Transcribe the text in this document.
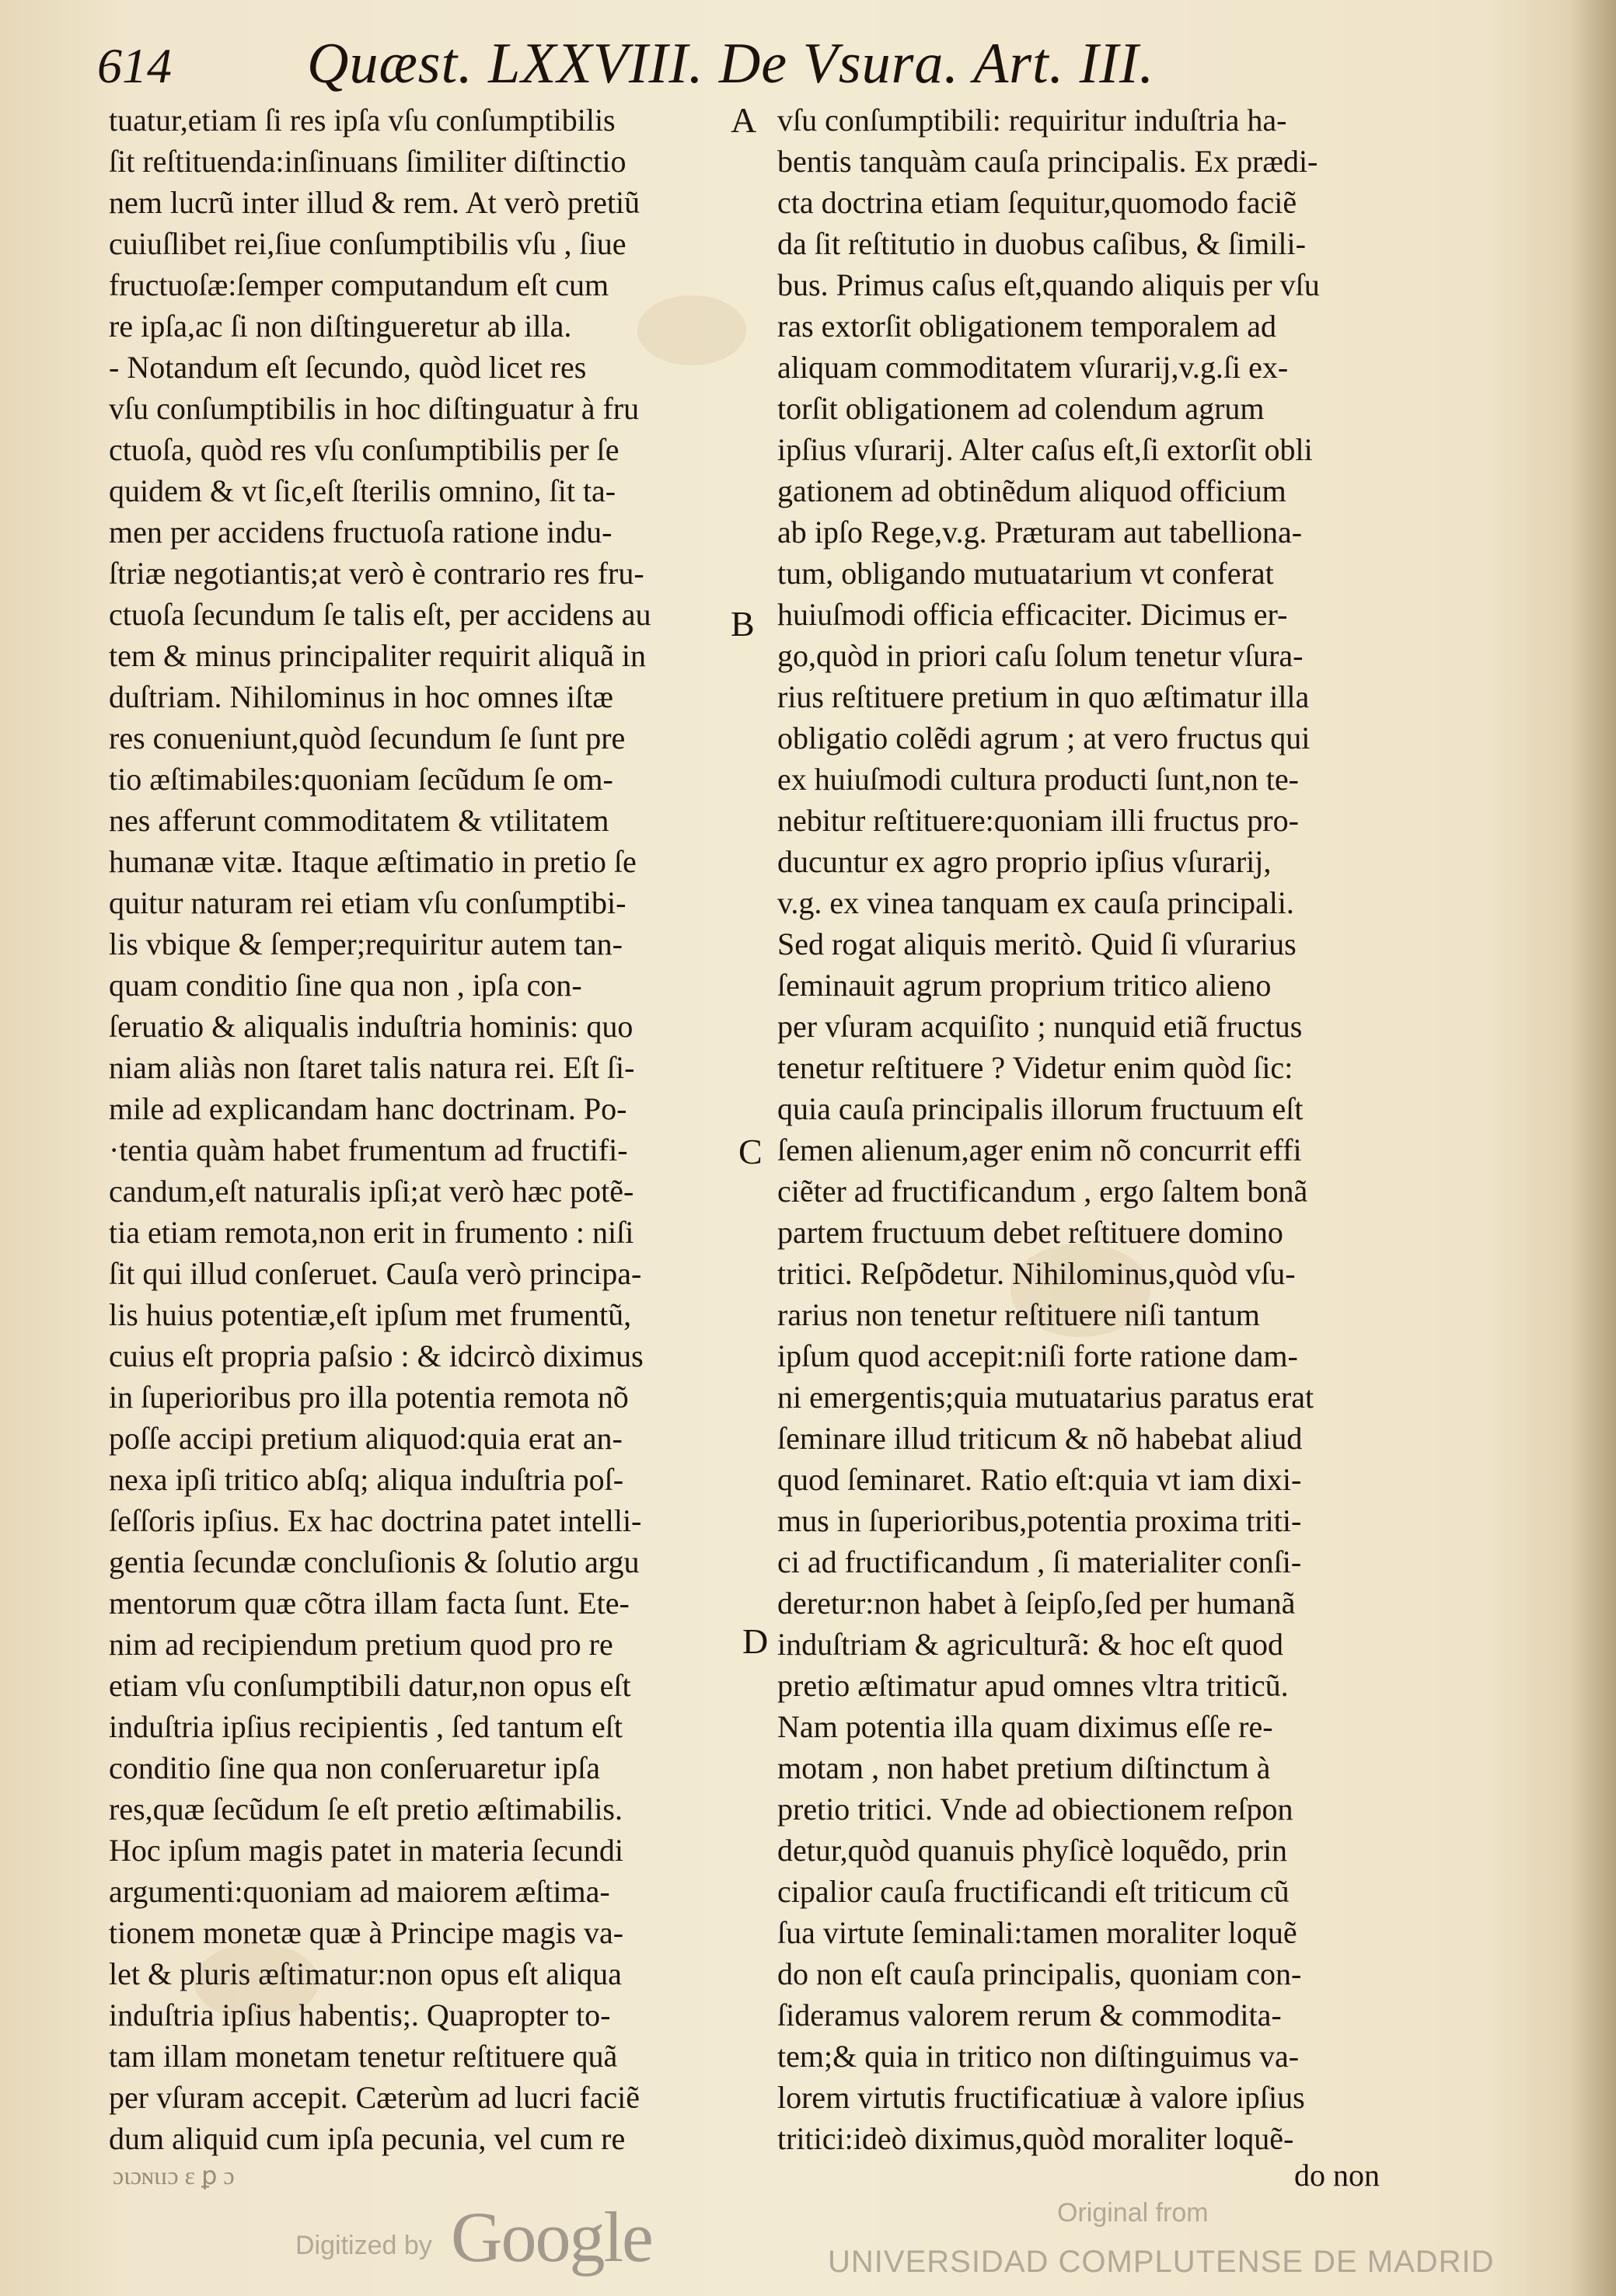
614	Quæst. LXXVIII. De Vsura. Art. III.
tuatur,etiam ſi res ipſa vſu conſumptibilis
ſit reſtituenda:inſinuans ſimiliter diſtinctio
nem lucrũ inter illud & rem. At verò pretiũ
cuiuſlibet rei,ſiue conſumptibilis vſu , ſiue
fructuoſæ:ſemper computandum eſt cum
re ipſa,ac ſi non diſtingueretur ab illa.
- Notandum eſt ſecundo, quòd licet res
vſu conſumptibilis in hoc diſtinguatur à fru
ctuoſa, quòd res vſu conſumptibilis per ſe
quidem & vt ſic,eſt ſterilis omnino, ſit ta-
men per accidens fructuoſa ratione indu-
ſtriæ negotiantis;at verò è contrario res fru-
ctuoſa ſecundum ſe talis eſt, per accidens au
tem & minus principaliter requirit aliquã in
duſtriam. Nihilominus in hoc omnes iſtæ
res conueniunt,quòd ſecundum ſe ſunt pre
tio æſtimabiles:quoniam ſecũdum ſe om-
nes afferunt commoditatem & vtilitatem
humanæ vitæ. Itaque æſtimatio in pretio ſe
quitur naturam rei etiam vſu conſumptibi-
lis vbique & ſemper;requiritur autem tan-
quam conditio ſine qua non , ipſa con-
ſeruatio & aliqualis induſtria hominis: quo
niam aliàs non ſtaret talis natura rei. Eſt ſi-
mile ad explicandam hanc doctrinam. Po-
·tentia quàm habet frumentum ad fructifi-
candum,eſt naturalis ipſi;at verò hæc potẽ-
tia etiam remota,non erit in frumento : niſi
ſit qui illud conſeruet. Cauſa verò principa-
lis huius potentiæ,eſt ipſum met frumentũ,
cuius eſt propria paſsio : & idcircò diximus
in ſuperioribus pro illa potentia remota nõ
poſſe accipi pretium aliquod:quia erat an-
nexa ipſi tritico abſq; aliqua induſtria poſ-
ſeſſoris ipſius. Ex hac doctrina patet intelli-
gentia ſecundæ concluſionis & ſolutio argu
mentorum quæ cõtra illam facta ſunt. Ete-
nim ad recipiendum pretium quod pro re
etiam vſu conſumptibili datur,non opus eſt
induſtria ipſius recipientis , ſed tantum eſt
conditio ſine qua non conſeruaretur ipſa
res,quæ ſecũdum ſe eſt pretio æſtimabilis.
Hoc ipſum magis patet in materia ſecundi
argumenti:quoniam ad maiorem æſtima-
tionem monetæ quæ à Principe magis va-
let & pluris æſtimatur:non opus eſt aliqua
induſtria ipſius habentis;. Quapropter to-
tam illam monetam tenetur reſtituere quã
per vſuram accepit. Cæterùm ad lucri faciẽ
dum aliquid cum ipſa pecunia, vel cum re
vſu conſumptibili: requiritur induſtria ha-
bentis tanquàm cauſa principalis. Ex prædi-
cta doctrina etiam ſequitur,quomodo faciẽ
da ſit reſtitutio in duobus caſibus, & ſimili-
bus. Primus caſus eſt,quando aliquis per vſu
ras extorſit obligationem temporalem ad
aliquam commoditatem vſurarij,v.g.ſi ex-
torſit obligationem ad colendum agrum
ipſius vſurarij. Alter caſus eſt,ſi extorſit obli
gationem ad obtinẽdum aliquod officium
ab ipſo Rege,v.g. Præturam aut tabelliona-
tum, obligando mutuatarium vt conferat
huiuſmodi officia efficaciter. Dicimus er-
go,quòd in priori caſu ſolum tenetur vſura-
rius reſtituere pretium in quo æſtimatur illa
obligatio colẽdi agrum ; at vero fructus qui
ex huiuſmodi cultura producti ſunt,non te-
nebitur reſtituere:quoniam illi fructus pro-
ducuntur ex agro proprio ipſius vſurarij,
v.g. ex vinea tanquam ex cauſa principali.
Sed rogat aliquis meritò. Quid ſi vſurarius
ſeminauit agrum proprium tritico alieno
per vſuram acquiſito ; nunquid etiã fructus
tenetur reſtituere ? Videtur enim quòd ſic:
quia cauſa principalis illorum fructuum eſt
ſemen alienum,ager enim nõ concurrit effi
ciẽter ad fructificandum , ergo ſaltem bonã
partem fructuum debet reſtituere domino
tritici. Reſpõdetur. Nihilominus,quòd vſu-
rarius non tenetur reſtituere niſi tantum
ipſum quod accepit:niſi forte ratione dam-
ni emergentis;quia mutuatarius paratus erat
ſeminare illud triticum & nõ habebat aliud
quod ſeminaret. Ratio eſt:quia vt iam dixi-
mus in ſuperioribus,potentia proxima triti-
ci ad fructificandum , ſi materialiter conſi-
deretur:non habet à ſeipſo,ſed per humanã
induſtriam & agriculturã: & hoc eſt quod
pretio æſtimatur apud omnes vltra triticũ.
Nam potentia illa quam diximus eſſe re-
motam , non habet pretium diſtinctum à
pretio tritici. Vnde ad obiectionem reſpon
detur,quòd quanuis phyſicè loquẽdo, prin
cipalior cauſa fructificandi eſt triticum cũ
ſua virtute ſeminali:tamen moraliter loquẽ
do non eſt cauſa principalis, quoniam con-
ſideramus valorem rerum & commodita-
tem;& quia in tritico non diſtinguimus va-
lorem virtutis fructificatiuæ à valore ipſius
tritici:ideò diximus,quòd moraliter loquẽ-
A
B
C
D
ɔɩɔɴɩɪɔ ɛ ꝑ ɔ	do non
Digitized by Google	Original from
UNIVERSIDAD COMPLUTENSE DE MADRID
